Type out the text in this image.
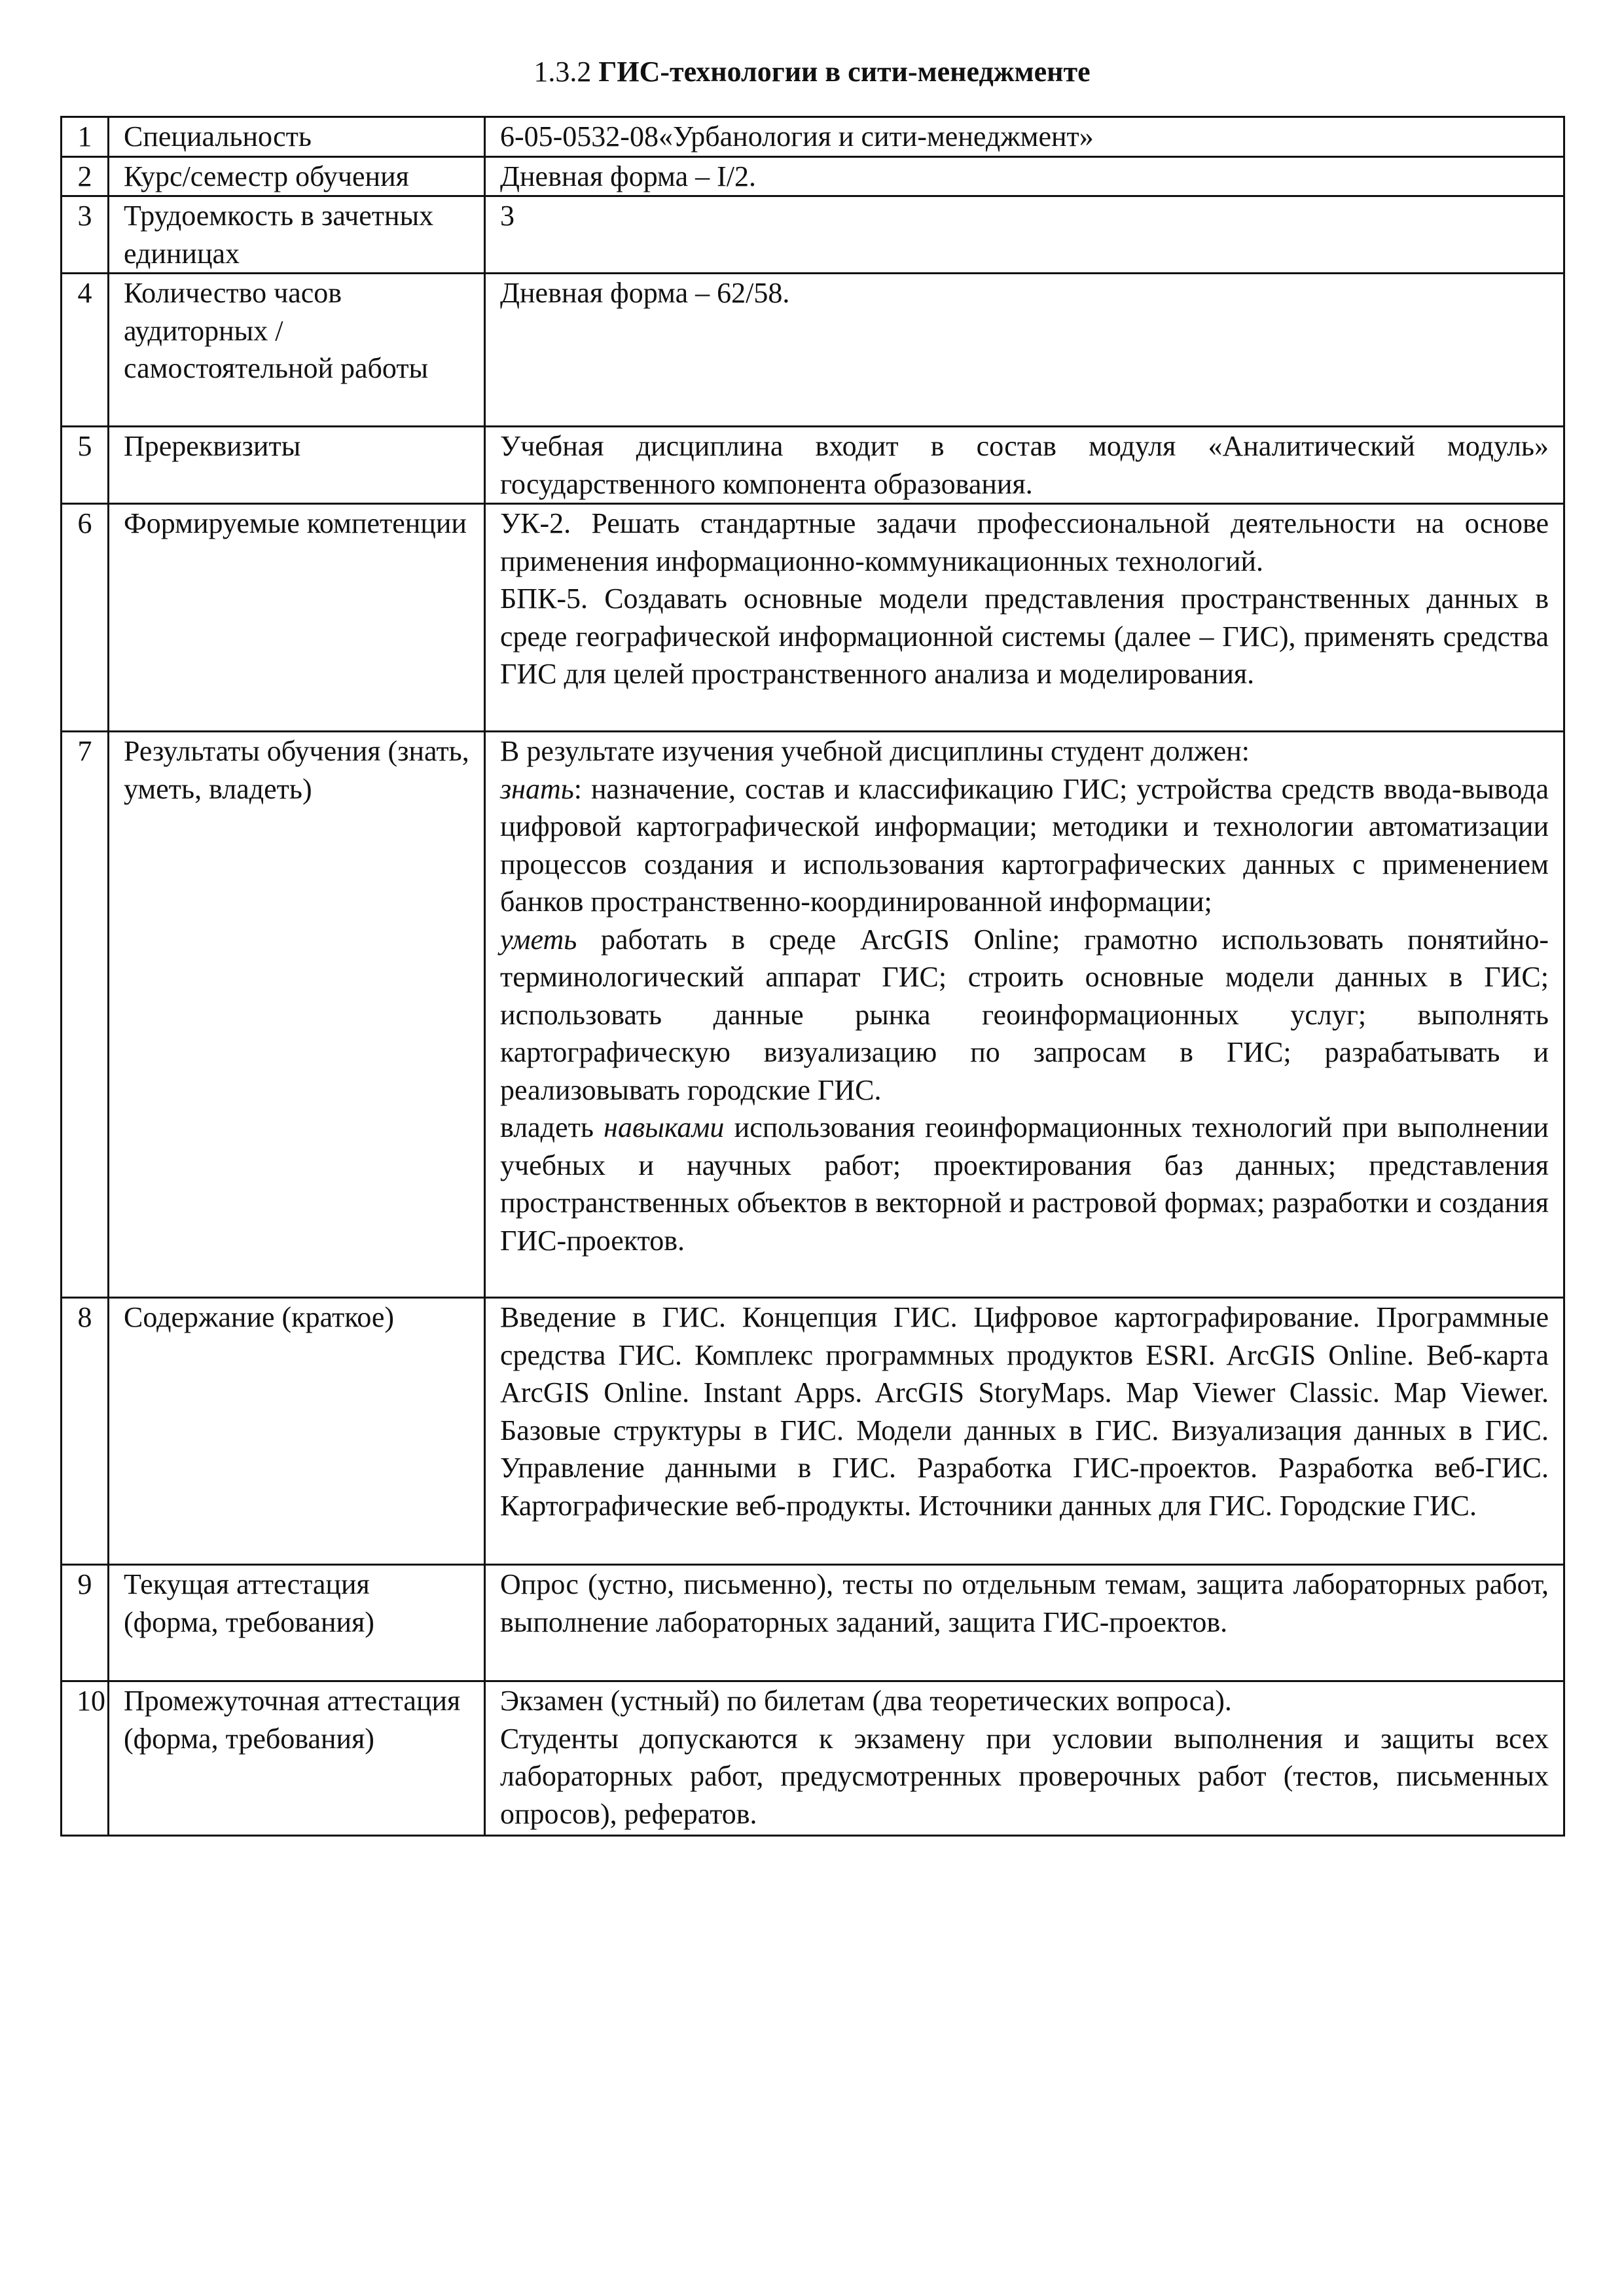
1.3.2 ГИС-технологии в сити-менеджменте
1	Специальность	6-05-0532-08«Урбанология и сити-менеджмент»
2	Курс/семестр обучения	Дневная форма – I/2.
3	Трудоемкость в зачетных единицах	3
4	Количество часов аудиторных / самостоятельной работы	Дневная форма – 62/58.
5	Пререквизиты	Учебная дисциплина входит в состав модуля «Аналитический модуль» государственного компонента образования.
6	Формируемые компетенции	УК-2. Решать стандартные задачи профессиональной деятельности на основе применения информационно-коммуникационных технологий.
БПК-5. Создавать основные модели представления пространственных данных в среде географической информационной системы (далее – ГИС), применять средства ГИС для целей пространственного анализа и моделирования.

7	Результаты обучения (знать, уметь, владеть)	В результате изучения учебной дисциплины студент должен:
знать: назначение, состав и классификацию ГИС; устройства средств ввода-вывода цифровой картографической информации; методики и технологии автоматизации процессов создания и использования картографических данных с применением банков пространственно-координированной информации;
уметь работать в среде ArcGIS Online; грамотно использовать понятийно-терминологический аппарат ГИС; строить основные модели данных в ГИС; использовать данные рынка геоинформационных услуг; выполнять картографическую визуализацию по запросам в ГИС; разрабатывать и реализовывать городские ГИС.
владеть навыками использования геоинформационных технологий при выполнении учебных и научных работ; проектирования баз данных; представления пространственных объектов в векторной и растровой формах; разработки и создания ГИС-проектов.

8	Содержание (краткое)	Введение в ГИС. Концепция ГИС. Цифровое картографирование. Программные средства ГИС. Комплекс программных продуктов ESRI. ArcGIS Online. Веб-карта ArcGIS Online. Instant Apps. ArcGIS StoryMaps. Map Viewer Classic. Map Viewer. Базовые структуры в ГИС. Модели данных в ГИС. Визуализация данных в ГИС. Управление данными в ГИС. Разработка ГИС-проектов. Разработка веб-ГИС. Картографические веб-продукты. Источники данных для ГИС. Городские ГИС.
9	Текущая аттестация (форма, требования)	Опрос (устно, письменно), тесты по отдельным темам, защита лабораторных работ, выполнение лабораторных заданий, защита ГИС-проектов.
10	Промежуточная аттестация (форма, требования)	Экзамен (устный) по билетам (два теоретических вопроса).
Студенты допускаются к экзамену при условии выполнения и защиты всех лабораторных работ, предусмотренных проверочных работ (тестов, письменных опросов), рефератов.
